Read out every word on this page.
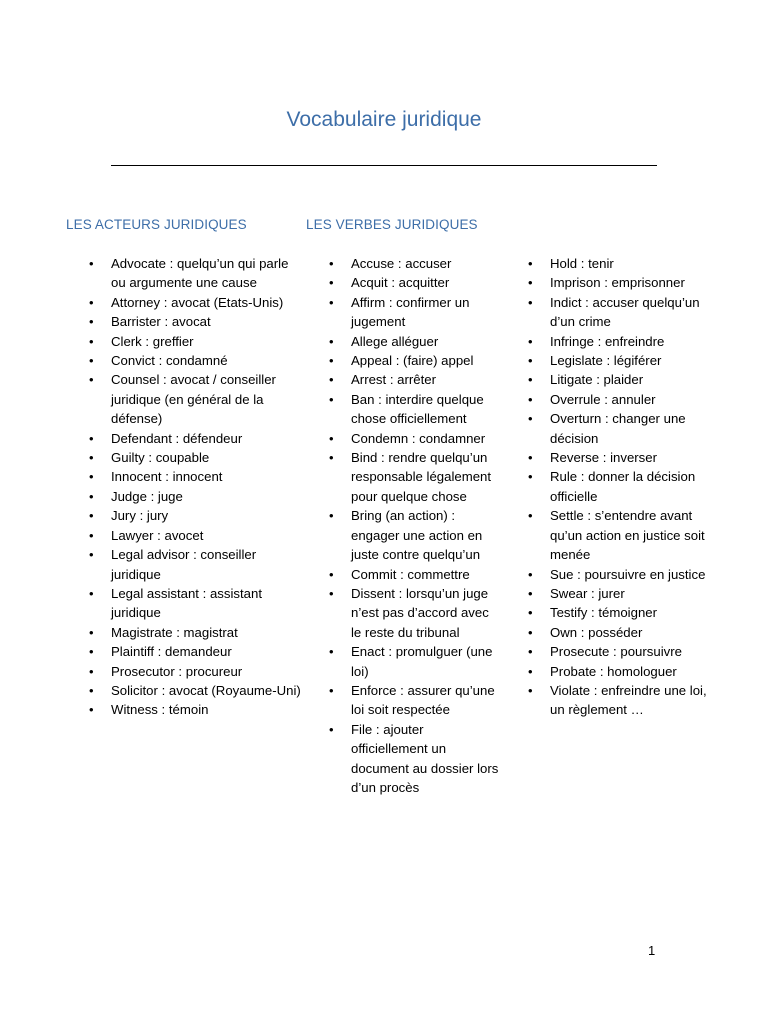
Vocabulaire juridique
LES ACTEURS JURIDIQUES	LES VERBES JURIDIQUES
• Advocate : quelqu’un qui parle ou argumente une cause
• Attorney : avocat (Etats-Unis)
• Barrister : avocat
• Clerk : greffier
• Convict : condamné
• Counsel : avocat / conseiller juridique (en général de la défense)
• Defendant : défendeur
• Guilty : coupable
• Innocent : innocent
• Judge : juge
• Jury : jury
• Lawyer : avocet
• Legal advisor : conseiller juridique
• Legal assistant : assistant juridique
• Magistrate : magistrat
• Plaintiff : demandeur
• Prosecutor : procureur
• Solicitor : avocat (Royaume-Uni)
• Witness : témoin
• Accuse : accuser
• Acquit : acquitter
• Affirm : confirmer un jugement
• Allege alléguer
• Appeal : (faire) appel
• Arrest : arrêter
• Ban : interdire quelque chose officiellement
• Condemn : condamner
• Bind : rendre quelqu’un responsable légalement pour quelque chose
• Bring (an action) : engager une action en juste contre quelqu’un
• Commit : commettre
• Dissent : lorsqu’un juge n’est pas d’accord avec le reste du tribunal
• Enact : promulguer (une loi)
• Enforce : assurer qu’une loi soit respectée
• File : ajouter officiellement un document au dossier lors d’un procès
• Hold : tenir
• Imprison : emprisonner
• Indict : accuser quelqu’un d’un crime
• Infringe : enfreindre
• Legislate : légiférer
• Litigate : plaider
• Overrule : annuler
• Overturn : changer une décision
• Reverse : inverser
• Rule : donner la décision officielle
• Settle : s’entendre avant qu’un action en justice soit menée
• Sue : poursuivre en justice
• Swear : jurer
• Testify : témoigner
• Own : posséder
• Prosecute : poursuivre
• Probate : homologuer
• Violate : enfreindre une loi, un règlement …
1
